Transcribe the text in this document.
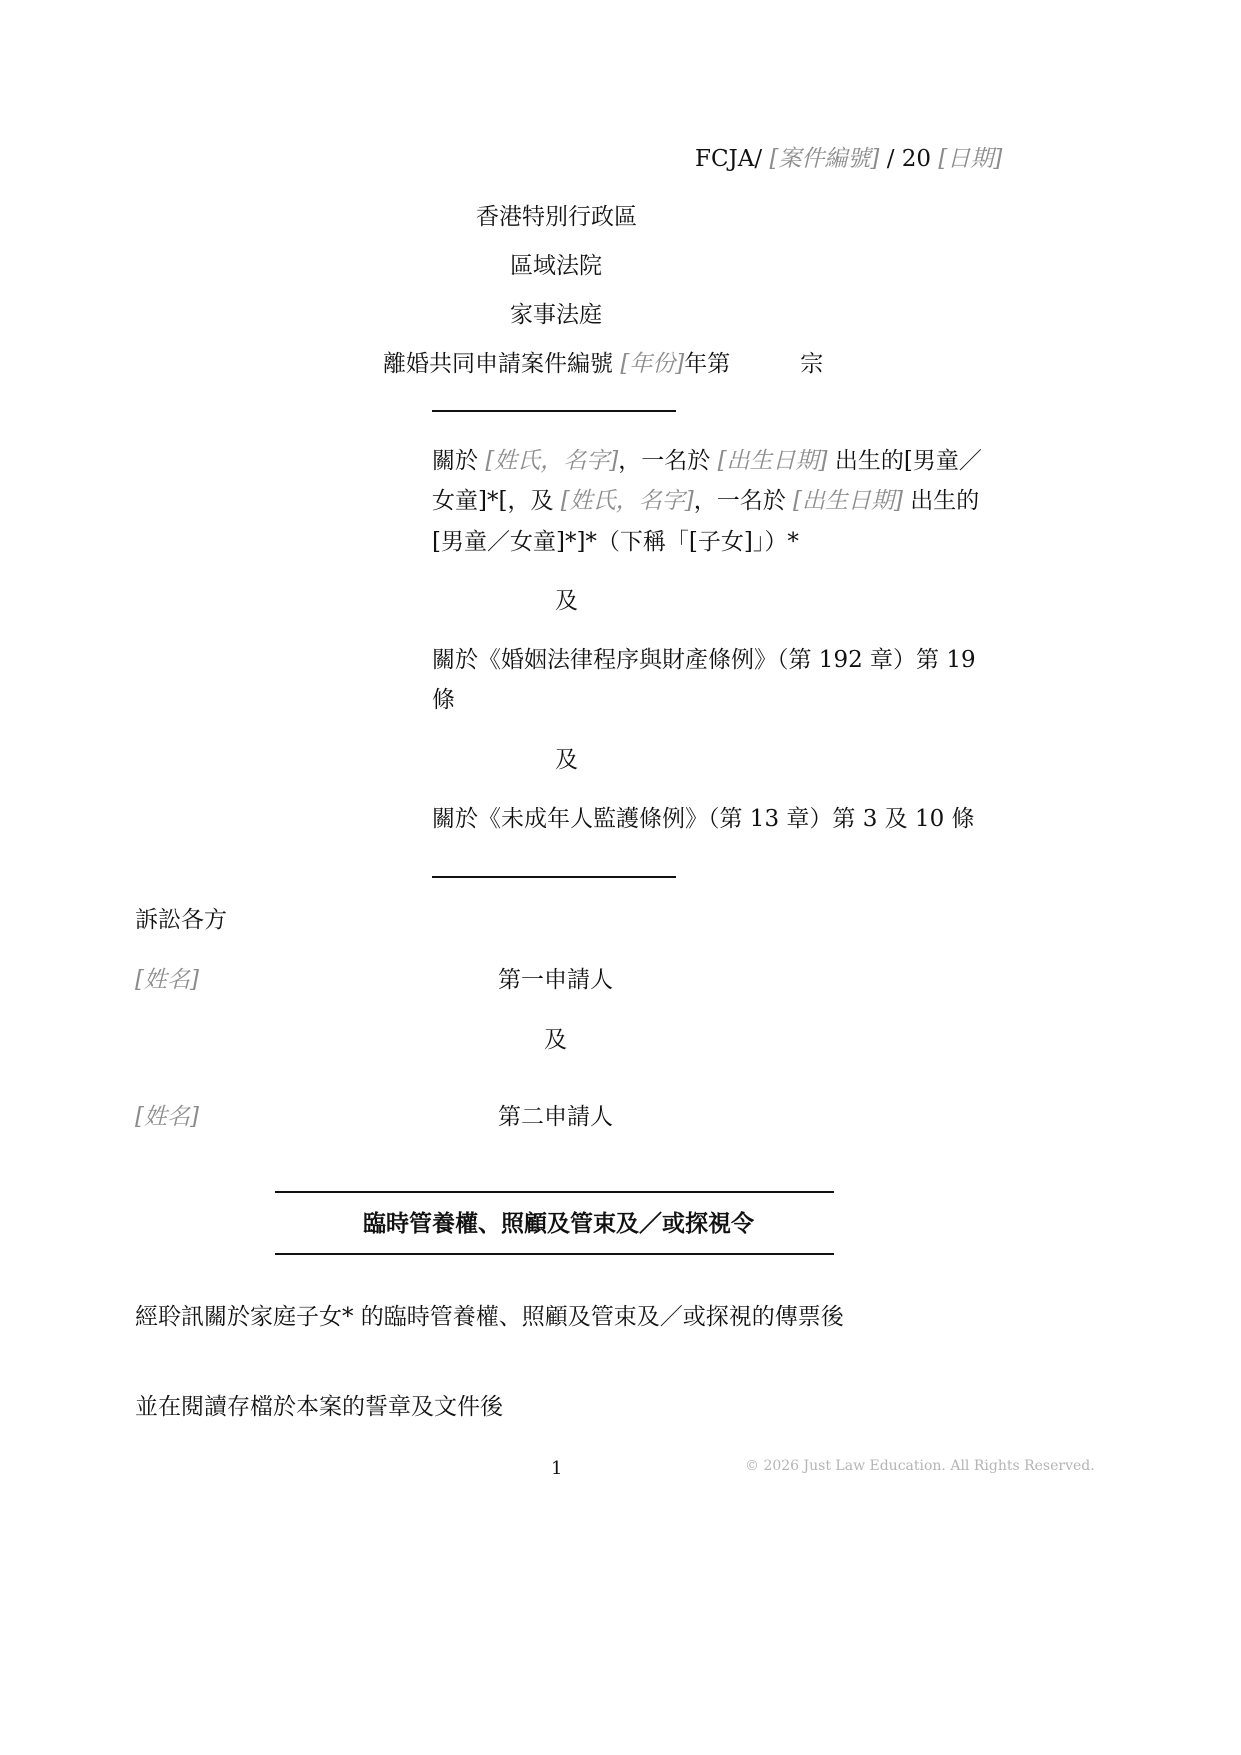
FCJA/ [案件編號] / 20 [日期]
香港特別行政區
區域法院
家事法庭
離婚共同申請案件編號 [年份]年第	宗
關於 [姓氏，名字]，一名於 [出生日期] 出生的[男童／
女童]*[，及 [姓氏，名字]，一名於 [出生日期] 出生的
[男童／女童]*]*（下稱「[子女]」）*
及
關於《婚姻法律程序與財產條例》（第 192 章）第 19
條
及
關於《未成年人監護條例》（第 13 章）第 3 及 10 條
訴訟各方
[姓名]	第一申請人
及
[姓名]	第二申請人
臨時管養權、照顧及管束及／或探視令
經聆訊關於家庭子女* 的臨時管養權、照顧及管束及／或探視的傳票後
並在閱讀存檔於本案的誓章及文件後
1	© 2026 Just Law Education. All Rights Reserved.
